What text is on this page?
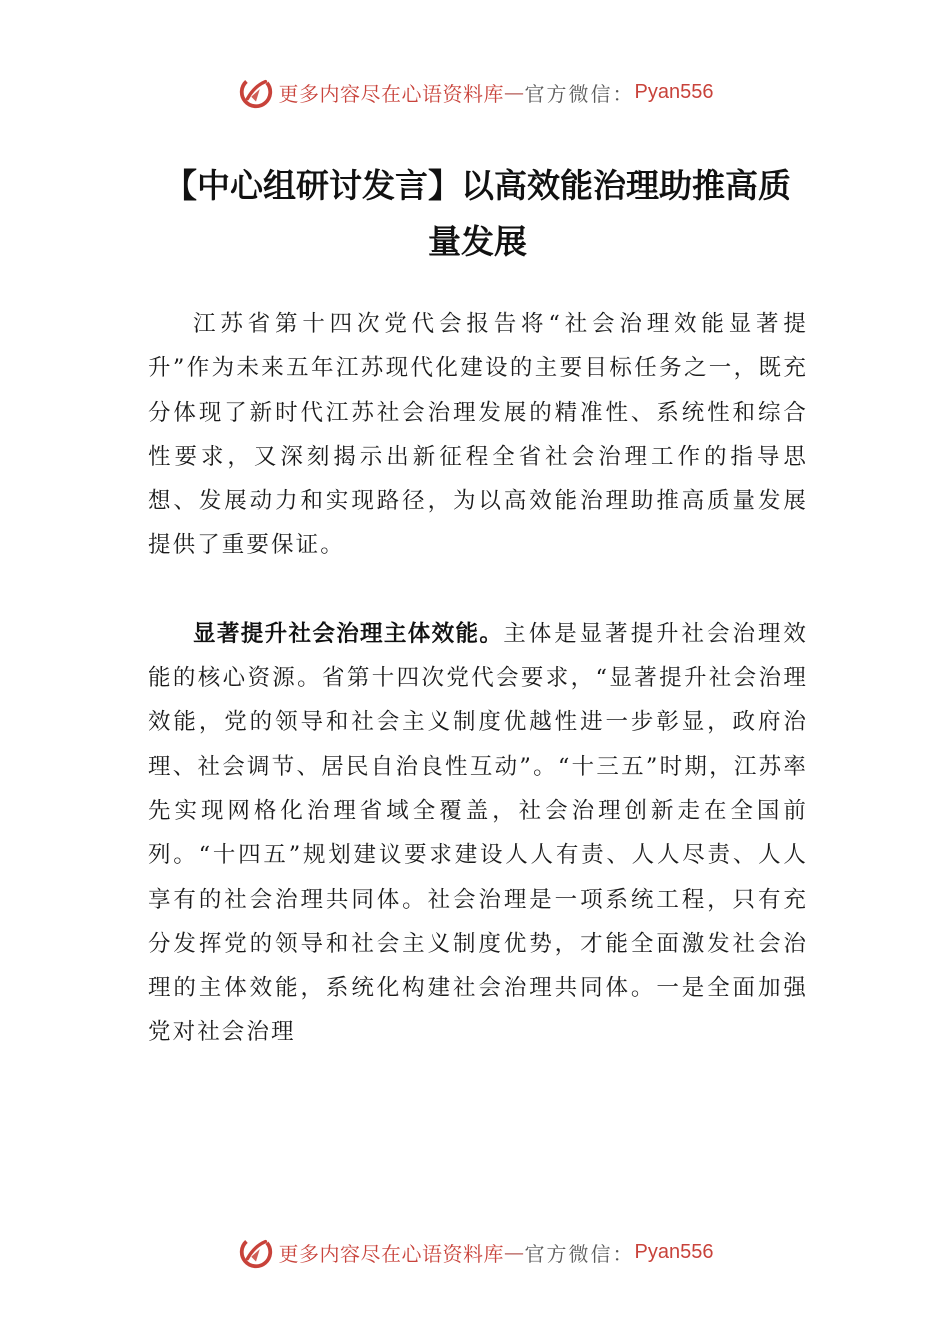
更多内容尽在心语资料库 — 官方微信： Pyan556
【中心组研讨发言】以高效能治理助推高质量发展

江苏省第十四次党代会报告将“社会治理效能显著提升”作为未来五年江苏现代化建设的主要目标任务之一，既充分体现了新时代江苏社会治理发展的精准性、系统性和综合性要求，又深刻揭示出新征程全省社会治理工作的指导思想、发展动力和实现路径，为以高效能治理助推高质量发展提供了重要保证。

显著提升社会治理主体效能。主体是显著提升社会治理效能的核心资源。省第十四次党代会要求，“显著提升社会治理效能，党的领导和社会主义制度优越性进一步彰显，政府治理、社会调节、居民自治良性互动”。“十三五”时期，江苏率先实现网格化治理省域全覆盖，社会治理创新走在全国前列。“十四五”规划建议要求建设人人有责、人人尽责、人人享有的社会治理共同体。社会治理是一项系统工程，只有充分发挥党的领导和社会主义制度优势，才能全面激发社会治理的主体效能，系统化构建社会治理共同体。一是全面加强党对社会治理

更多内容尽在心语资料库 — 官方微信： Pyan556
